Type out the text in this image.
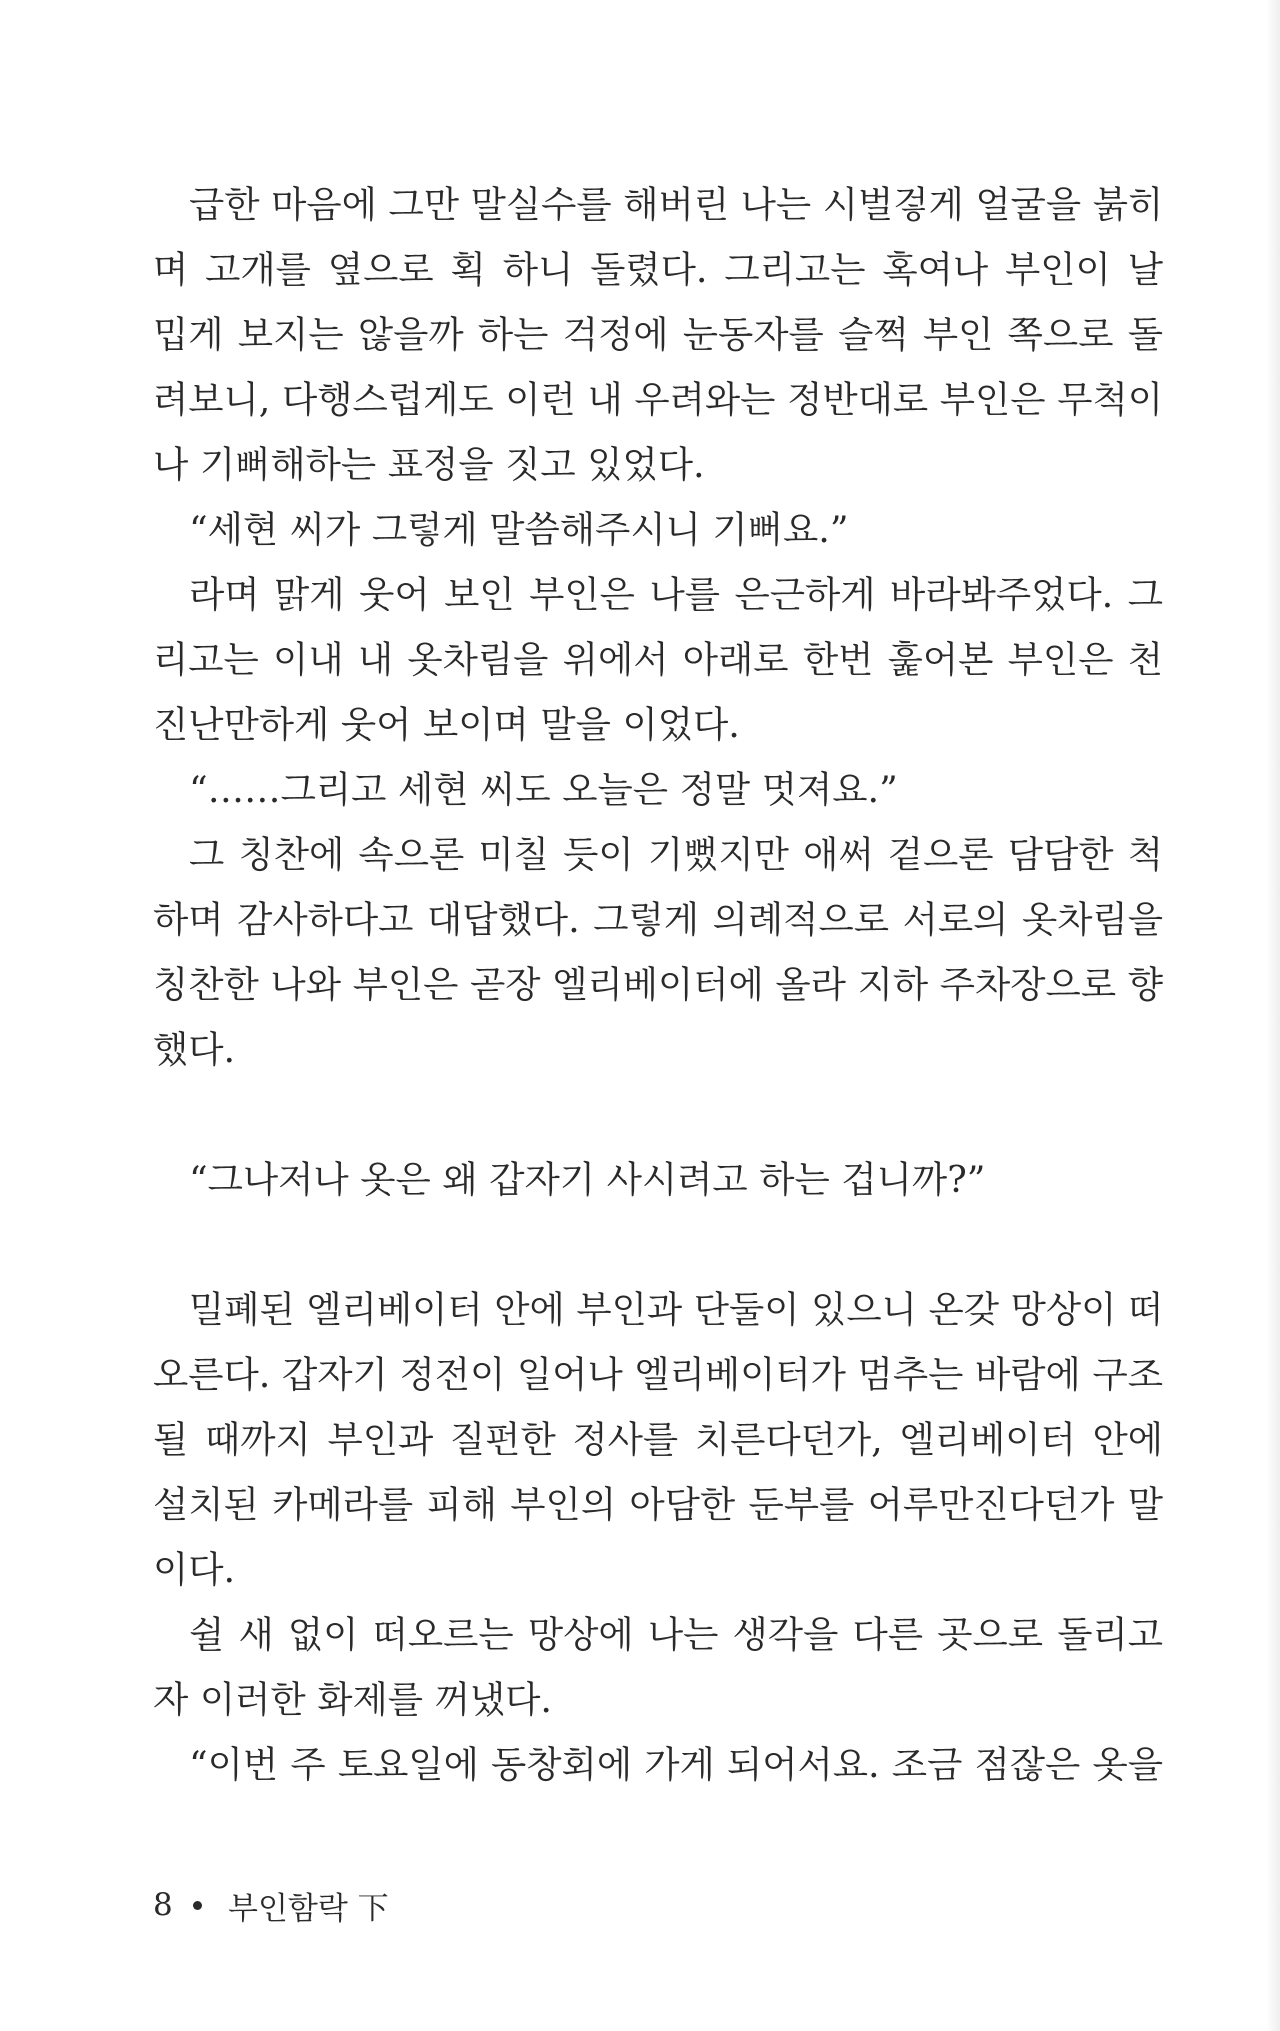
급한 마음에 그만 말실수를 해버린 나는 시벌겋게 얼굴을 붉히
며 고개를 옆으로 획 하니 돌렸다. 그리고는 혹여나 부인이 날
밉게 보지는 않을까 하는 걱정에 눈동자를 슬쩍 부인 쪽으로 돌
려보니, 다행스럽게도 이런 내 우려와는 정반대로 부인은 무척이
나 기뻐해하는 표정을 짓고 있었다.
“세현 씨가 그렇게 말씀해주시니 기뻐요.”
라며 맑게 웃어 보인 부인은 나를 은근하게 바라봐주었다. 그
리고는 이내 내 옷차림을 위에서 아래로 한번 훑어본 부인은 천
진난만하게 웃어 보이며 말을 이었다.
“……그리고 세현 씨도 오늘은 정말 멋져요.”
그 칭찬에 속으론 미칠 듯이 기뻤지만 애써 겉으론 담담한 척
하며 감사하다고 대답했다. 그렇게 의례적으로 서로의 옷차림을
칭찬한 나와 부인은 곧장 엘리베이터에 올라 지하 주차장으로 향
했다.
“그나저나 옷은 왜 갑자기 사시려고 하는 겁니까?”
밀폐된 엘리베이터 안에 부인과 단둘이 있으니 온갖 망상이 떠
오른다. 갑자기 정전이 일어나 엘리베이터가 멈추는 바람에 구조
될 때까지 부인과 질펀한 정사를 치른다던가, 엘리베이터 안에
설치된 카메라를 피해 부인의 아담한 둔부를 어루만진다던가 말
이다.
쉴 새 없이 떠오르는 망상에 나는 생각을 다른 곳으로 돌리고
자 이러한 화제를 꺼냈다.
“이번 주 토요일에 동창회에 가게 되어서요. 조금 점잖은 옷을
8 부인함락 下
